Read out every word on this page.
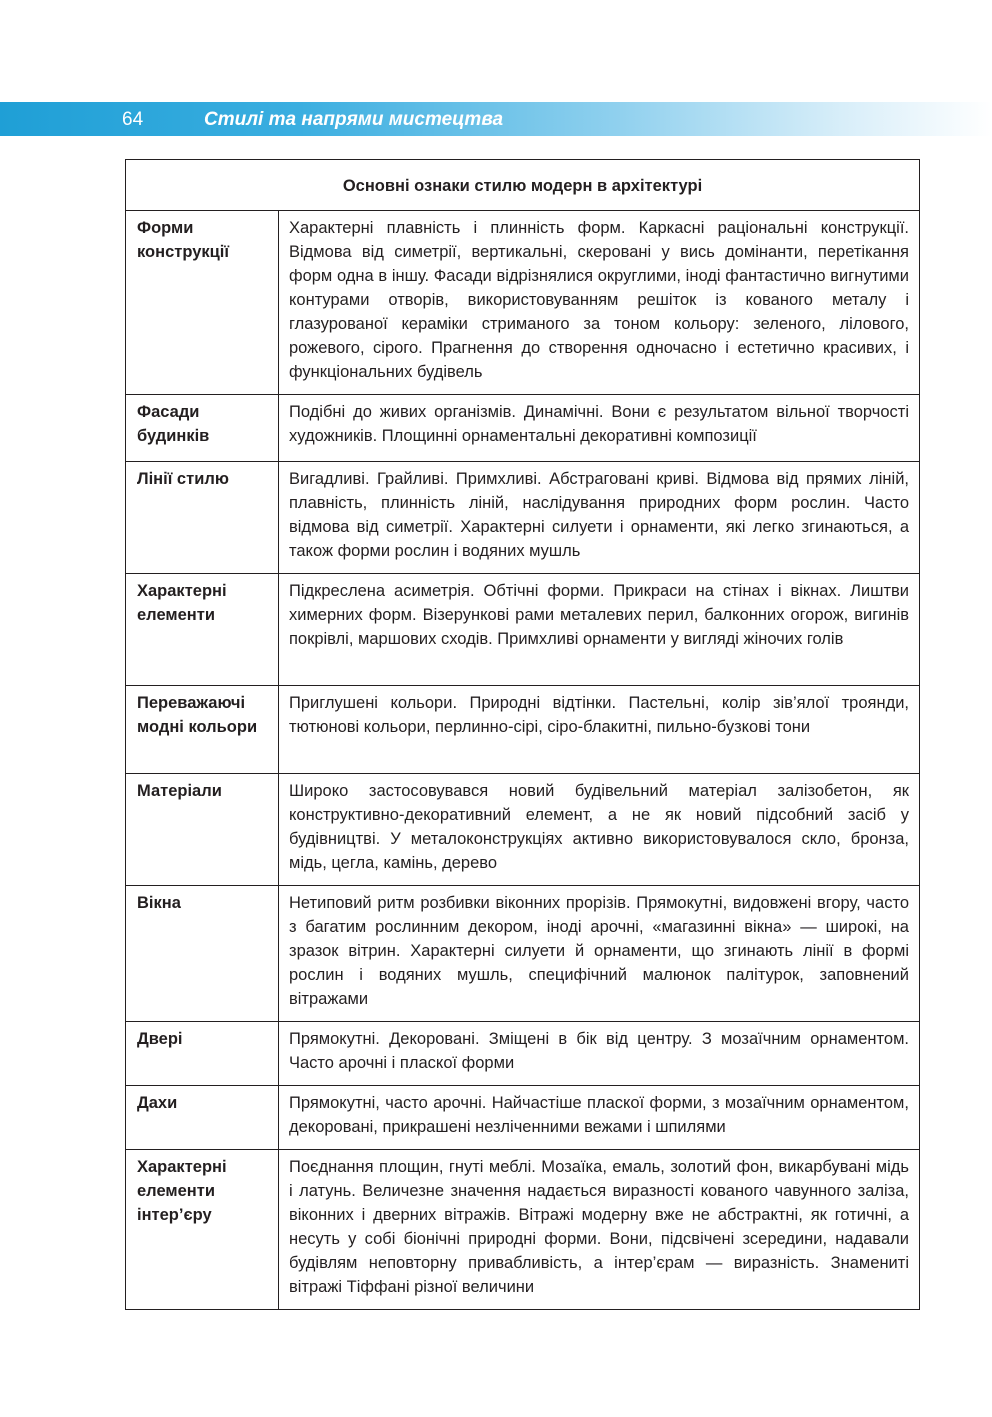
64	Стилі та напрями мистецтва
Основні ознаки стилю модерн в архітектурі	
Форми конструкції	Характерні плавність і плинність форм. Каркасні раціональні конструкції. Відмова від симетрії, вертикальні, скеровані у вись домінанти, перетікання форм одна в іншу. Фасади відрізнялися округлими, іноді фантастично вигнутими контурами отворів, використовуванням решіток із кованого металу і глазурованої кераміки стриманого за тоном кольору: зеленого, лілового, рожевого, сірого. Прагнення до створення одночасно і естетично красивих, і функціональних будівель
Фасади будинків	Подібні до живих організмів. Динамічні. Вони є результатом вільної творчості художників. Площинні орнаментальні декоративні композиції
Лінії стилю	Вигадливі. Грайливі. Примхливі. Абстраговані криві. Відмова від прямих ліній, плавність, плинність ліній, наслідування природних форм рослин. Часто відмова від симетрії. Характерні силуети і орнаменти, які легко згинаються, а також форми рослин і водяних мушль
Характерні елементи	Підкреслена асиметрія. Обтічні форми. Прикраси на стінах і вікнах. Лиштви химерних форм. Візерункові рами металевих перил, балконних огорож, вигинів покрівлі, маршових сходів. Примхливі орнаменти у вигляді жіночих голів
Переважаючі модні кольори	Приглушені кольори. Природні відтінки. Пастельні, колір зів’ялої троянди, тютюнові кольори, перлинно-сірі, сіро-блакитні, пильно-бузкові тони
Матеріали	Широко застосовувався новий будівельний матеріал залізобетон, як конструктивно-декоративний елемент, а не як новий підсобний засіб у будівництві. У металоконструкціях активно використовувалося скло, бронза, мідь, цегла, камінь, дерево
Вікна	Нетиповий ритм розбивки віконних прорізів. Прямокутні, видовжені вгору, часто з багатим рослинним декором, іноді арочні, «магазинні вікна» — широкі, на зразок вітрин. Характерні силуети й орнаменти, що згинають лінії в формі рослин і водяних мушль, специфічний малюнок палітурок, заповнений вітражами
Двері	Прямокутні. Декоровані. Зміщені в бік від центру. З мозаїчним орнаментом. Часто арочні і пласкої форми
Дахи	Прямокутні, часто арочні. Найчастіше пласкої форми, з мозаїчним орнаментом, декоровані, прикрашені незліченними вежами і шпилями
Характерні елементи інтер’єру	Поєднання площин, гнуті меблі. Мозаїка, емаль, золотий фон, викарбувані мідь і латунь. Величезне значення надається виразності кованого чавунного заліза, віконних і дверних вітражів. Вітражі модерну вже не абстрактні, як готичні, а несуть у собі біонічні природні форми. Вони, підсвічені зсередини, надавали будівлям неповторну привабливість, а інтер’єрам — виразність. Знамениті вітражі Тіффані різної величини
